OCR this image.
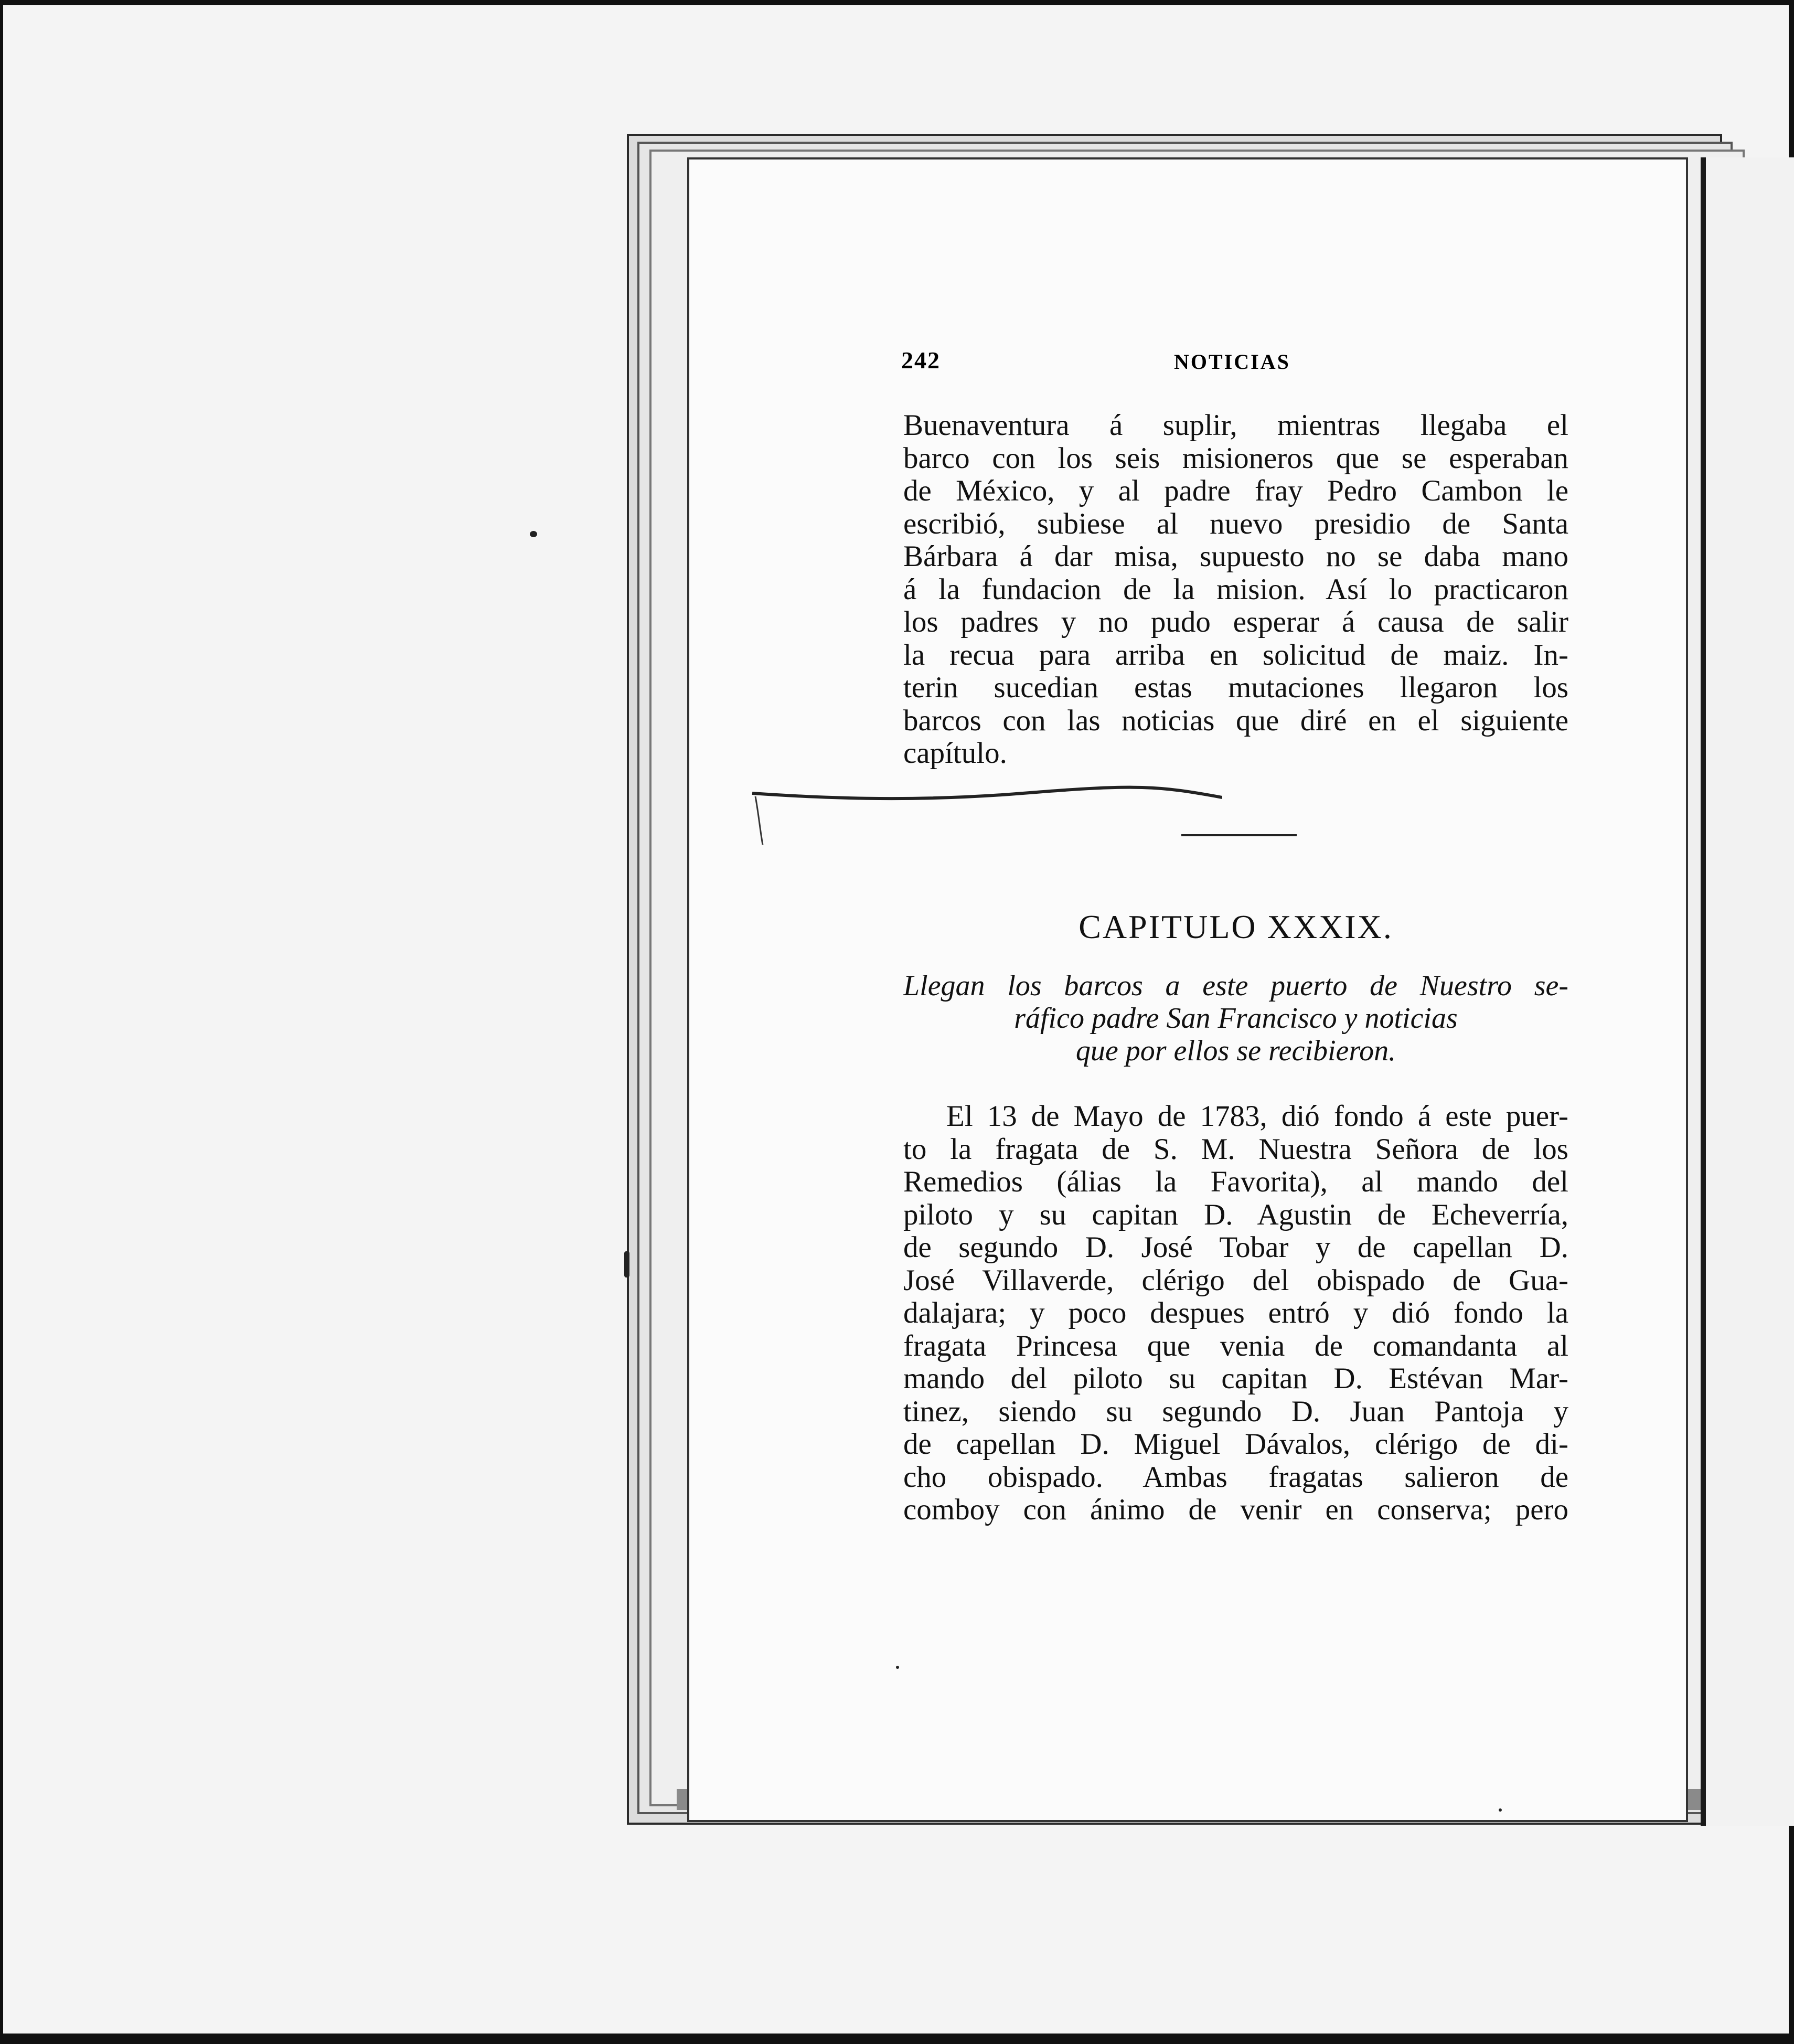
242	NOTICIAS
Buenaventura á suplir, mientras llegaba el
barco con los seis misioneros que se esperaban
de México, y al padre fray Pedro Cambon le
escribió, subiese al nuevo presidio de Santa
Bárbara á dar misa, supuesto no se daba mano
á la fundacion de la mision. Así lo practicaron
los padres y no pudo esperar á causa de salir
la recua para arriba en solicitud de maiz. In-
terin sucedian estas mutaciones llegaron los
barcos con las noticias que diré en el siguiente
capítulo.
CAPITULO XXXIX.
Llegan los barcos a este puerto de Nuestro se-
ráfico padre San Francisco y noticias
que por ellos se recibieron.
El 13 de Mayo de 1783, dió fondo á este puer-
to la fragata de S. M. Nuestra Señora de los
Remedios (álias la Favorita), al mando del
piloto y su capitan D. Agustin de Echeverría,
de segundo D. José Tobar y de capellan D.
José Villaverde, clérigo del obispado de Gua-
dalajara; y poco despues entró y dió fondo la
fragata Princesa que venia de comandanta al
mando del piloto su capitan D. Estévan Mar-
tinez, siendo su segundo D. Juan Pantoja y
de capellan D. Miguel Dávalos, clérigo de di-
cho obispado. Ambas fragatas salieron de
comboy con ánimo de venir en conserva; pero
